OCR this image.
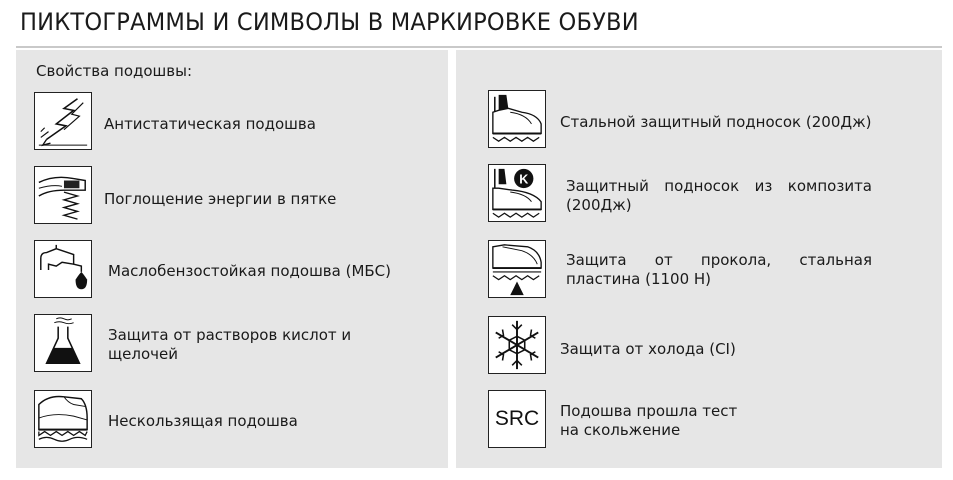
ПИКТОГРАММЫ И СИМВОЛЫ В МАРКИРОВКЕ ОБУВИ
Свойства подошвы:
Антистатическая подошва
Поглощение энергии в пятке
Маслобензостойкая подошва (МБС)
Защита от растворов кислот и щелочей
Нескользящая подошва
Стальной защитный подносок (200Дж)
K	Защитный подносок из композита (200Дж)
Защита от прокола, стальная пластина (1100 Н)
Защита от холода (CI)
SRC	Подошва прошла тест на скольжение
